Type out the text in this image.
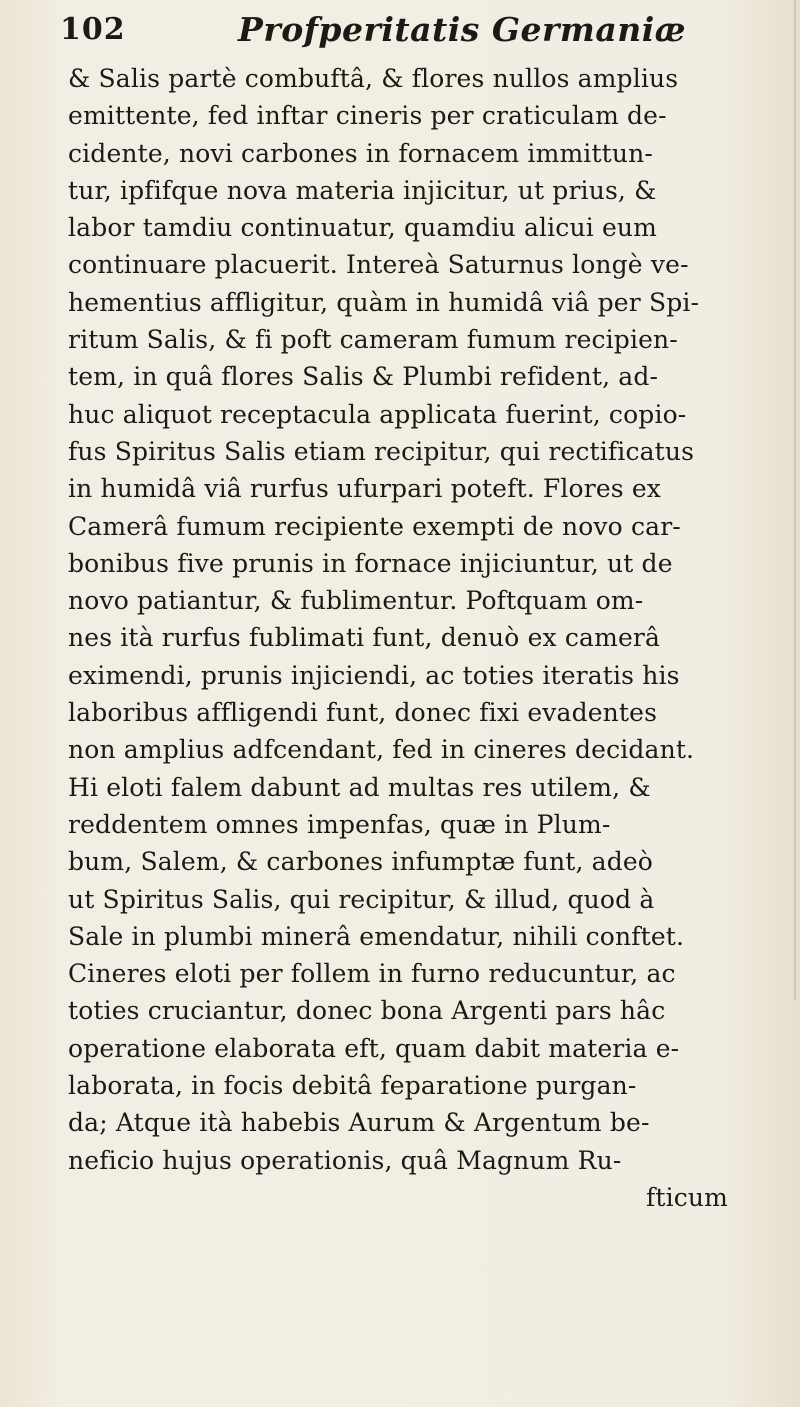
102	Profperitatis Germaniæ
& Salis partè combuftâ, & flores nullos amplius
emittente, fed inftar cineris per craticulam de-
cidente, novi carbones in fornacem immittun-
tur, ipfifque nova materia injicitur, ut prius, &
labor tamdiu continuatur, quamdiu alicui eum
continuare placuerit. Intereà Saturnus longè ve-
hementius affligitur, quàm in humidâ viâ per Spi-
ritum Salis, & fi poft cameram fumum recipien-
tem, in quâ flores Salis & Plumbi refident, ad-
huc aliquot receptacula applicata fuerint, copio-
fus Spiritus Salis etiam recipitur, qui rectificatus
in humidâ viâ rurfus ufurpari poteft. Flores ex
Camerâ fumum recipiente exempti de novo car-
bonibus five prunis in fornace injiciuntur, ut de
novo patiantur, & fublimentur. Poftquam om-
nes ità rurfus fublimati funt, denuò ex camerâ
eximendi, prunis injiciendi, ac toties iteratis his
laboribus affligendi funt, donec fixi evadentes
non amplius adfcendant, fed in cineres decidant.
Hi eloti falem dabunt ad multas res utilem, &
reddentem omnes impenfas, quæ in Plum-
bum, Salem, & carbones infumptæ funt, adeò
ut Spiritus Salis, qui recipitur, & illud, quod à
Sale in plumbi minerâ emendatur, nihili conftet.
Cineres eloti per follem in furno reducuntur, ac
toties cruciantur, donec bona Argenti pars hâc
operatione elaborata eft, quam dabit materia e-
laborata, in focis debitâ feparatione purgan-
da; Atque ità habebis Aurum & Argentum be-
neficio hujus operationis, quâ Magnum Ru-
fticum
